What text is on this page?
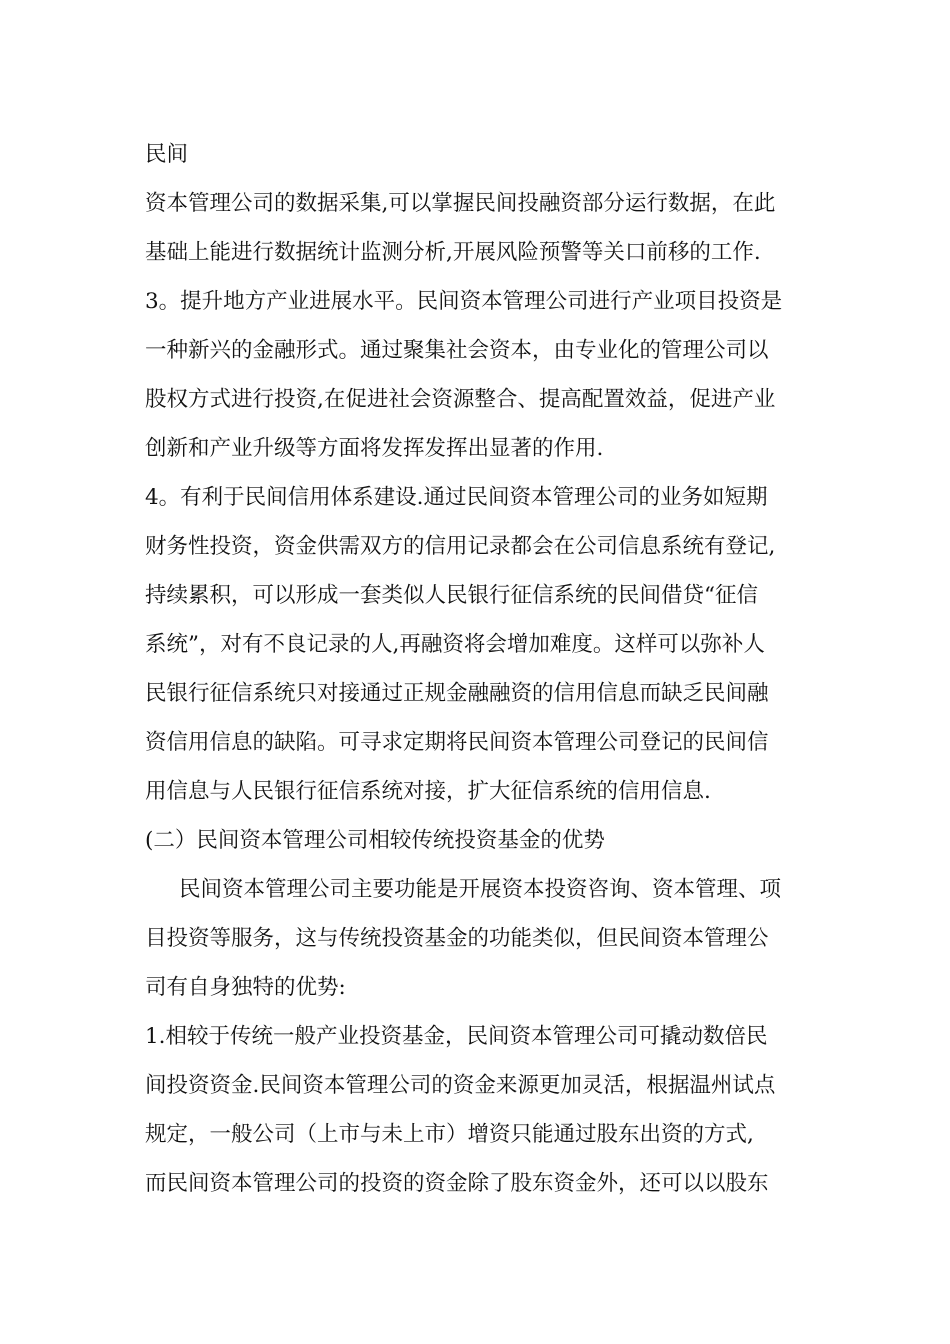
民间
资本管理公司的数据采集,可以掌握民间投融资部分运行数据，在此
基础上能进行数据统计监测分析,开展风险预警等关口前移的工作.
3。提升地方产业进展水平。民间资本管理公司进行产业项目投资是
一种新兴的金融形式。通过聚集社会资本，由专业化的管理公司以
股权方式进行投资,在促进社会资源整合、提高配置效益，促进产业
创新和产业升级等方面将发挥发挥出显著的作用.
4。有利于民间信用体系建设.通过民间资本管理公司的业务如短期
财务性投资，资金供需双方的信用记录都会在公司信息系统有登记,
持续累积，可以形成一套类似人民银行征信系统的民间借贷“征信
系统”，对有不良记录的人,再融资将会增加难度。这样可以弥补人
民银行征信系统只对接通过正规金融融资的信用信息而缺乏民间融
资信用信息的缺陷。可寻求定期将民间资本管理公司登记的民间信
用信息与人民银行征信系统对接，扩大征信系统的信用信息.
(二）民间资本管理公司相较传统投资基金的优势
民间资本管理公司主要功能是开展资本投资咨询、资本管理、项
目投资等服务，这与传统投资基金的功能类似，但民间资本管理公
司有自身独特的优势:
1.相较于传统一般产业投资基金，民间资本管理公司可撬动数倍民
间投资资金.民间资本管理公司的资金来源更加灵活，根据温州试点
规定，一般公司（上市与未上市）增资只能通过股东出资的方式,
而民间资本管理公司的投资的资金除了股东资金外，还可以以股东
